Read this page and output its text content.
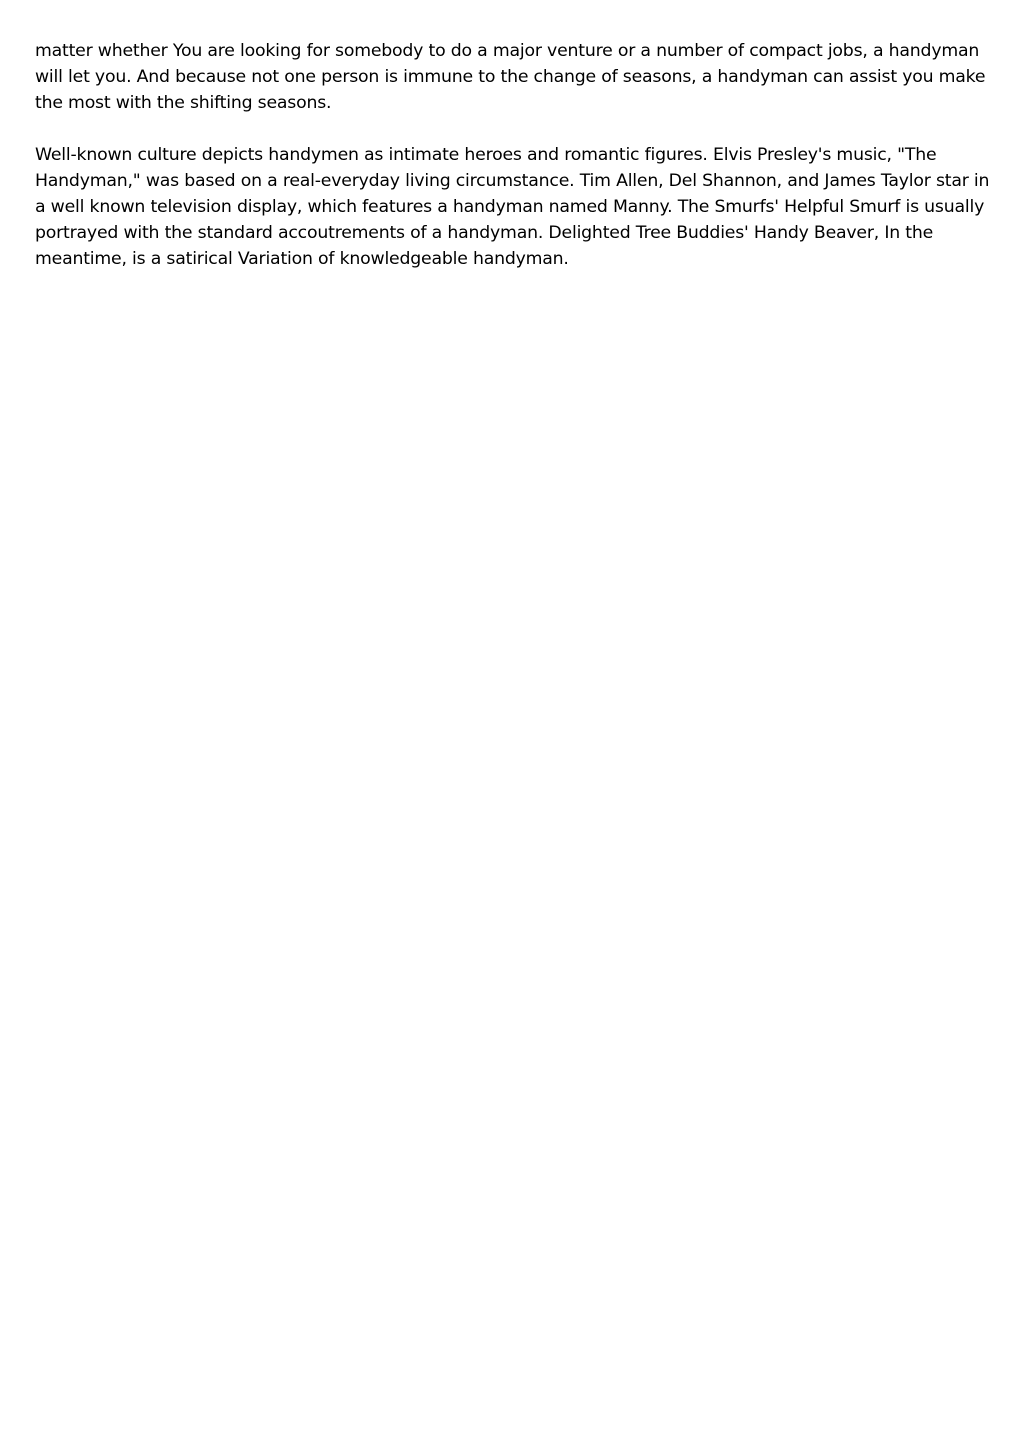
matter whether You are looking for somebody to do a major venture or a number of compact jobs, a handyman will let you. And because not one person is immune to the change of seasons, a handyman can assist you make the most with the shifting seasons.

Well-known culture depicts handymen as intimate heroes and romantic figures. Elvis Presley's music, "The Handyman," was based on a real-everyday living circumstance. Tim Allen, Del Shannon, and James Taylor star in a well known television display, which features a handyman named Manny. The Smurfs' Helpful Smurf is usually portrayed with the standard accoutrements of a handyman. Delighted Tree Buddies' Handy Beaver, In the meantime, is a satirical Variation of knowledgeable handyman.
